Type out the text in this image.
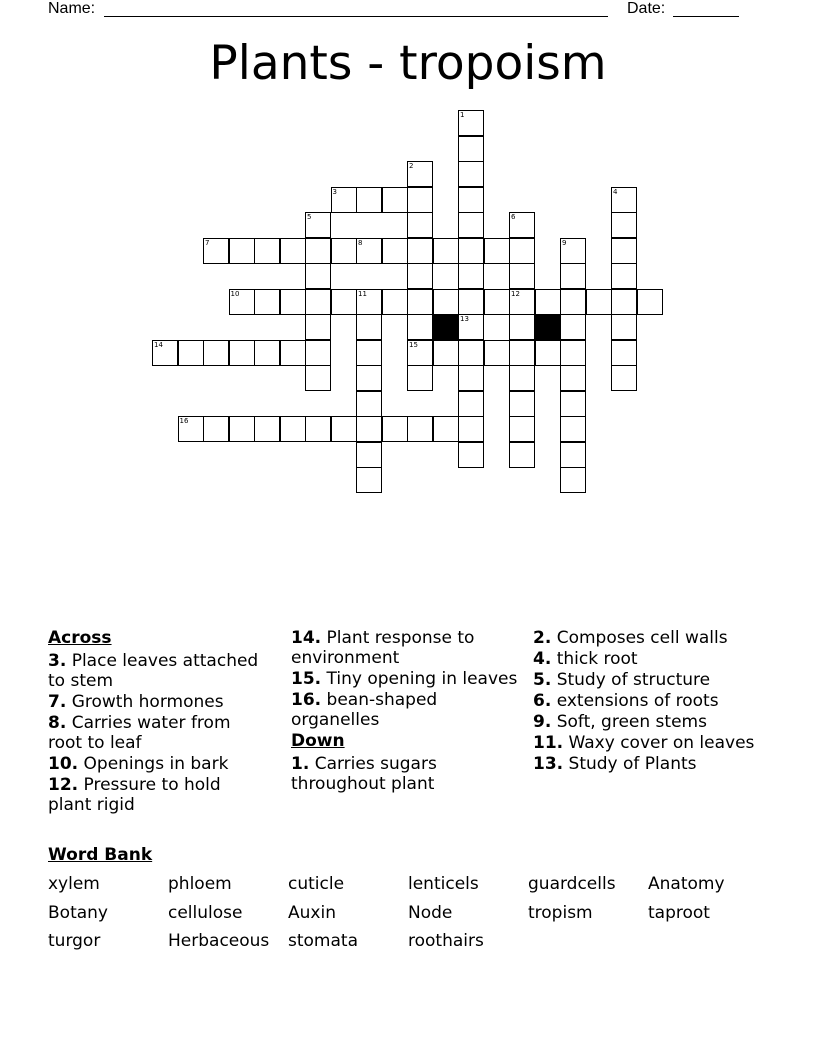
Name:	Date:
Plants - tropoism
3
7	8
10	11	12
14	15
16
1
13
2
4
5	6
9
Across
3. Place leaves attached to stem
7. Growth hormones
8. Carries water from root to leaf
10. Openings in bark
12. Pressure to hold plant rigid
14. Plant response to environment
15. Tiny opening in leaves
16. bean-shaped organelles
Down
1. Carries sugars throughout plant
2. Composes cell walls
4. thick root
5. Study of structure
6. extensions of roots
9. Soft, green stems
11. Waxy cover on leaves
13. Study of Plants
Word Bank
xylem	phloem	cuticle	lenticels	guardcells	Anatomy
Botany	cellulose	Auxin	Node	tropism	taproot
turgor	Herbaceous	stomata	roothairs
